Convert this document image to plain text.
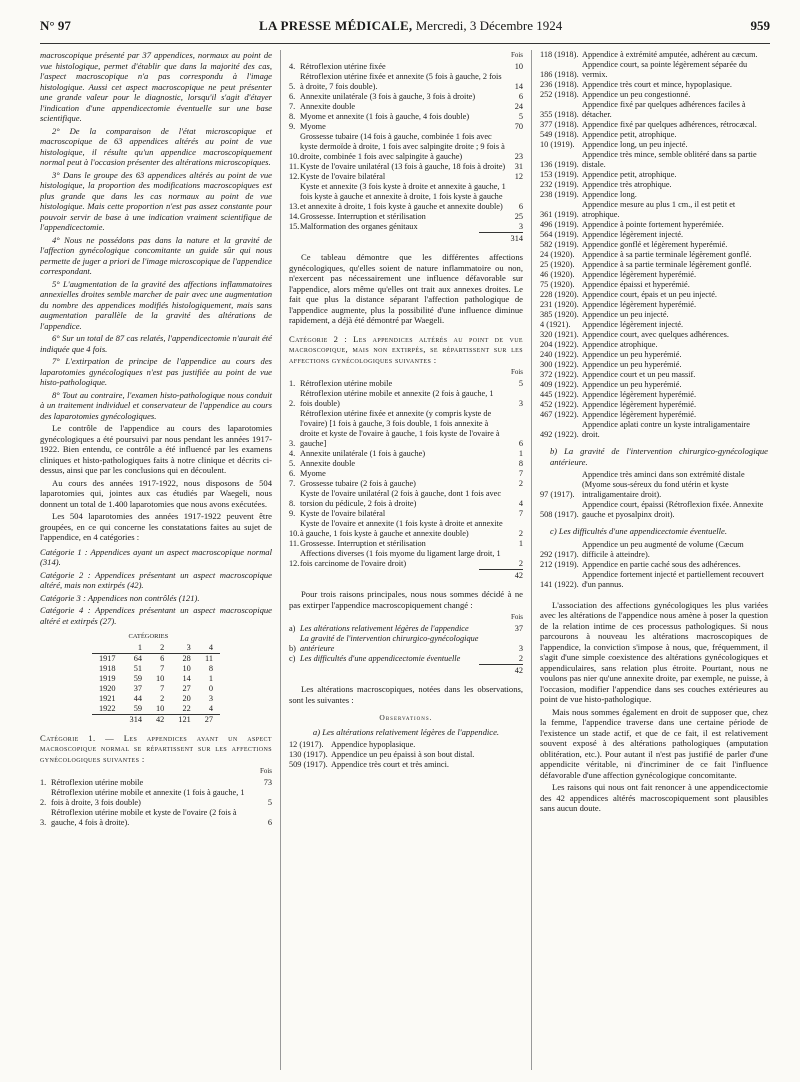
N° 97	LA PRESSE MÉDICALE, Mercredi, 3 Décembre 1924	959

macroscopique présenté par 37 appendices, normaux au point de vue histologique, permet d'établir que dans la majorité des cas, l'aspect macroscopique n'a pas correspondu à l'image histologique. Aussi cet aspect macroscopique ne peut présenter une grande valeur pour le diagnostic, lorsqu'il s'agit d'étayer l'indication d'une appendicectomie éventuelle sur une base scientifique.

2° De la comparaison de l'état microscopique et macroscopique de 63 appendices altérés au point de vue histologique, il résulte qu'un appendice macroscopiquement normal peut à l'occasion présenter des altérations microscopiques.

3° Dans le groupe des 63 appendices altérés au point de vue histologique, la proportion des modifications macroscopiques est plus grande que dans les cas normaux au point de vue histologique. Mais cette proportion n'est pas assez constante pour pouvoir servir de base à une indication vraiment scientifique de l'appendicectomie.

4° Nous ne possédons pas dans la nature et la gravité de l'affection gynécologique concomitante un guide sûr qui nous permette de juger a priori de l'image microscopique de l'appendice correspondant.

5° L'augmentation de la gravité des affections inflammatoires annexielles droites semble marcher de pair avec une augmentation du nombre des appendices modifiés histologiquement, mais sans augmentation parallèle de la gravité des altérations de l'appendice.

6° Sur un total de 87 cas relatés, l'appendicectomie n'aurait été indiquée que 4 fois.

7° L'extirpation de principe de l'appendice au cours des laparotomies gynécologiques n'est pas justifiée au point de vue histo-pathologique.

8° Tout au contraire, l'examen histo-pathologique nous conduit à un traitement individuel et conservateur de l'appendice au cours des laparotomies gynécologiques.

Le contrôle de l'appendice au cours des laparotomies gynécologiques a été poursuivi par nous pendant les années 1917-1922. Bien entendu, ce contrôle a été influencé par les examens cliniques et histo-pathologiques faits à notre clinique et décrits ci-dessus, ainsi que par les conclusions qui en découlent.

Au cours des années 1917-1922, nous disposons de 504 laparotomies qui, jointes aux cas étudiés par Waegeli, nous donnent un total de 1.400 laparotomies que nous avons exécutées.

Les 504 laparotomies des années 1917-1922 peuvent être groupées, en ce qui concerne les constatations faites au sujet de l'appendice, en 4 catégories :

Catégorie 1 : Appendices ayant un aspect macroscopique normal (314).

Catégorie 2 : Appendices présentant un aspect macroscopique altéré, mais non extirpés (42).

Catégorie 3 : Appendices non contrôlés (121).

Catégorie 4 : Appendices présentant un aspect macroscopique altéré et extirpés (27).

	CATÉGORIES			
	1	2	3	4
1917	64	6	28	11
1918	51	7	10	8
1919	59	10	14	1
1920	37	7	27	0
1921	44	2	20	3
1922	59	10	22	4
	314	42	121	27

Catégorie 1. — Les appendices ayant un aspect macroscopique normal se répartissent sur les affections gynécologiques suivantes :

Fois
1. Rétroflexion utérine mobile	73
2.
Rétroflexion utérine mobile et annexite (1 fois à gauche, 1 fois à droite, 3 fois double)	5
3.
Rétroflexion utérine mobile et kyste de l'ovaire (2 fois à gauche, 4 fois à droite).	6
Fois
4. Rétroflexion utérine fixée	10
5.
Rétroflexion utérine fixée et annexite (5 fois à gauche, 2 fois à droite, 7 fois double).	14
6. Annexite unilatérale (3 fois à gauche, 3 fois à droite)	6
7. Annexite double	24
8. Myome et annexite (1 fois à gauche, 4 fois double)	5
9. Myome	70
10.
Grossesse tubaire (14 fois à gauche, combinée 1 fois avec kyste dermoïde à droite, 1 fois avec salpingite droite ; 9 fois à droite, combinée 1 fois avec salpingite à gauche)	23
11. Kyste de l'ovaire unilatéral (13 fois à gauche, 18 fois à droite)	31
12. Kyste de l'ovaire bilatéral	12
13.
Kyste et annexite (3 fois kyste à droite et annexite à gauche, 1 fois kyste à gauche et annexite à droite, 1 fois kyste à gauche et annexite à droite, 1 fois kyste à gauche et annexite double)	6
14. Grossesse. Interruption et stérilisation	25
15. Malformation des organes génitaux	3
314

Ce tableau démontre que les différentes affections gynécologiques, qu'elles soient de nature inflammatoire ou non, n'exercent pas nécessairement une influence défavorable sur l'appendice, alors même qu'elles ont trait aux annexes droites. Le fait que plus la distance séparant l'affection pathologique de l'appendice augmente, plus la possibilité d'une influence diminue rapidement, a déjà été démontré par Waegeli.

Catégorie 2 : Les appendices altérés au point de vue macroscopique, mais non extirpés, se répartissent sur les affections gynécologiques suivantes :

Fois
1. Rétroflexion utérine mobile	5
2.
Rétroflexion utérine mobile et annexite (2 fois à gauche, 1 fois double)	3
3.
Rétroflexion utérine fixée et annexite (y compris kyste de l'ovaire) [1 fois à gauche, 3 fois double, 1 fois annexite à droite et kyste de l'ovaire à gauche, 1 fois kyste de l'ovaire à gauche]	6
4. Annexite unilatérale (1 fois à gauche)	1
5. Annexite double	8
6. Myome	7
7. Grossesse tubaire (2 fois à gauche)	2
8.
Kyste de l'ovaire unilatéral (2 fois à gauche, dont 1 fois avec torsion du pédicule, 2 fois à droite)	4
9. Kyste de l'ovaire bilatéral	7
10.
Kyste de l'ovaire et annexite (1 fois kyste à droite et annexite à gauche, 1 fois kyste à gauche et annexite double)	2
11. Grossesse. Interruption et stérilisation	1
12.
Affections diverses (1 fois myome du ligament large droit, 1 fois carcinome de l'ovaire droit)	2
42

Pour trois raisons principales, nous nous sommes décidé à ne pas extirper l'appendice macroscopiquement changé :

Fois
a) Les altérations relativement légères de l'appendice	37
b)
La gravité de l'intervention chirurgico-gynécologique antérieure	3
c) Les difficultés d'une appendicectomie éventuelle	2
42

Les altérations macroscopiques, notées dans les observations, sont les suivantes :

Observations.
a) Les altérations relativement légères de l'appendice.
12 (1917). Appendice hypoplasique.
130 (1917). Appendice un peu épaissi à son bout distal.
509 (1917). Appendice très court et très aminci.
118 (1918). Appendice à extrémité amputée, adhérent au cæcum.
186 (1918).
Appendice court, sa pointe légèrement séparée du vermix.
236 (1918). Appendice très court et mince, hypoplasique.
252 (1918). Appendice un peu congestionné.
355 (1918).
Appendice fixé par quelques adhérences faciles à détacher.
377 (1918). Appendice fixé par quelques adhérences, rétrocæcal.
549 (1918). Appendice petit, atrophique.
10 (1919). Appendice long, un peu injecté.
136 (1919).
Appendice très mince, semble oblitéré dans sa partie distale.
153 (1919). Appendice petit, atrophique.
232 (1919). Appendice très atrophique.
238 (1919). Appendice long.
361 (1919).
Appendice mesure au plus 1 cm., il est petit et atrophique.
496 (1919). Appendice à pointe fortement hyperémiée.
564 (1919). Appendice légèrement injecté.
582 (1919). Appendice gonflé et légèrement hyperémié.
24 (1920). Appendice à sa partie terminale légèrement gonflé.
25 (1920). Appendice à sa partie terminale légèrement gonflé.
46 (1920). Appendice légèrement hyperémié.
75 (1920). Appendice épaissi et hyperémié.
228 (1920). Appendice court, épais et un peu injecté.
231 (1920). Appendice légèrement hyperémié.
385 (1920). Appendice un peu injecté.
4 (1921).	Appendice légèrement injecté.
320 (1921). Appendice court, avec quelques adhérences.
204 (1922). Appendice atrophique.
240 (1922). Appendice un peu hyperémié.
300 (1922). Appendice un peu hyperémié.
372 (1922). Appendice court et un peu massif.
409 (1922). Appendice un peu hyperémié.
445 (1922). Appendice légèrement hyperémié.
452 (1922). Appendice légèrement hyperémié.
467 (1922). Appendice légèrement hyperémié.
492 (1922).
Appendice aplati contre un kyste intraligamentaire droit.
b) La gravité de l'intervention chirurgico-gynécologique antérieure.
97 (1917).
Appendice très aminci dans son extrémité distale (Myome sous-séreux du fond utérin et kyste intraligamentaire droit).
508 (1917).
Appendice court, épaissi (Rétroflexion fixée. Annexite gauche et pyosalpinx droit).
c) Les difficultés d'une appendicectomie éventuelle.
292 (1917).
Appendice un peu augmenté de volume (Cæcum difficile à atteindre).
212 (1919). Appendice en partie caché sous des adhérences.
141 (1922).
Appendice fortement injecté et partiellement recouvert d'un pannus.

L'association des affections gynécologiques les plus variées avec les altérations de l'appendice nous amène à poser la question de la relation intime de ces processus pathologiques. Si nous parcourons à nouveau les altérations macroscopiques de l'appendice, la conviction s'impose à nous, que, fréquemment, il s'agit d'une simple coexistence des altérations gynécologiques et appendiculaires, sans relation plus étroite. Pourtant, nous ne voulons pas nier qu'une annexite droite, par exemple, ne puisse, à l'occasion, modifier l'appendice dans ses couches extérieures au point de vue histo-pathologique.

Mais nous sommes également en droit de supposer que, chez la femme, l'appendice traverse dans une certaine période de l'existence un stade actif, et que de ce fait, il est relativement souvent exposé à des altérations pathologiques (amputation oblitération, etc.). Pour autant il n'est pas justifié de parler d'une appendicite véritable, ni d'incriminer de ce fait l'influence défavorable d'une affection gynécologique concomitante.

Les raisons qui nous ont fait renoncer à une appendicectomie des 42 appendices altérés macroscopiquement sont plausibles sans aucun doute.
